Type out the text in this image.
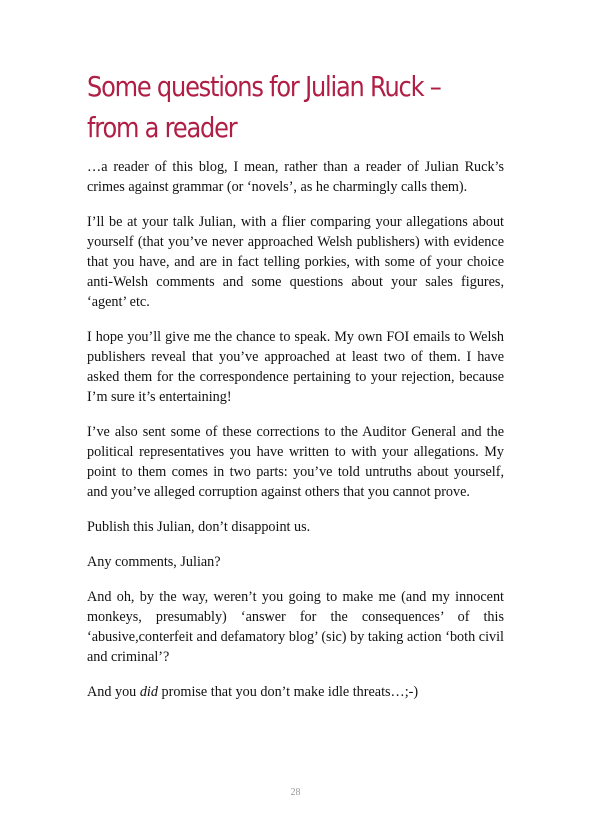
Some questions for Julian Ruck – from a reader

…a reader of this blog, I mean, rather than a reader of Julian Ruck’s crimes against grammar (or ‘novels’, as he charmingly calls them).

I’ll be at your talk Julian, with a flier comparing your allegations about yourself (that you’ve never approached Welsh publishers) with evidence that you have, and are in fact telling porkies, with some of your choice anti-Welsh comments and some questions about your sales figures, ‘agent’ etc.

I hope you’ll give me the chance to speak. My own FOI emails to Welsh publishers reveal that you’ve approached at least two of them. I have asked them for the correspondence pertaining to your rejection, because I’m sure it’s entertaining!

I’ve also sent some of these corrections to the Auditor General and the political representatives you have written to with your allegations. My point to them comes in two parts: you’ve told untruths about yourself, and you’ve alleged corruption against others that you cannot prove.

Publish this Julian, don’t disappoint us.

Any comments, Julian?

And oh, by the way, weren’t you going to make me (and my innocent monkeys, presumably) ‘answer for the consequences’ of this ‘abusive,conterfeit and defamatory blog’ (sic) by taking action ‘both civil and criminal’?

And you did promise that you don’t make idle threats…;-)

28
